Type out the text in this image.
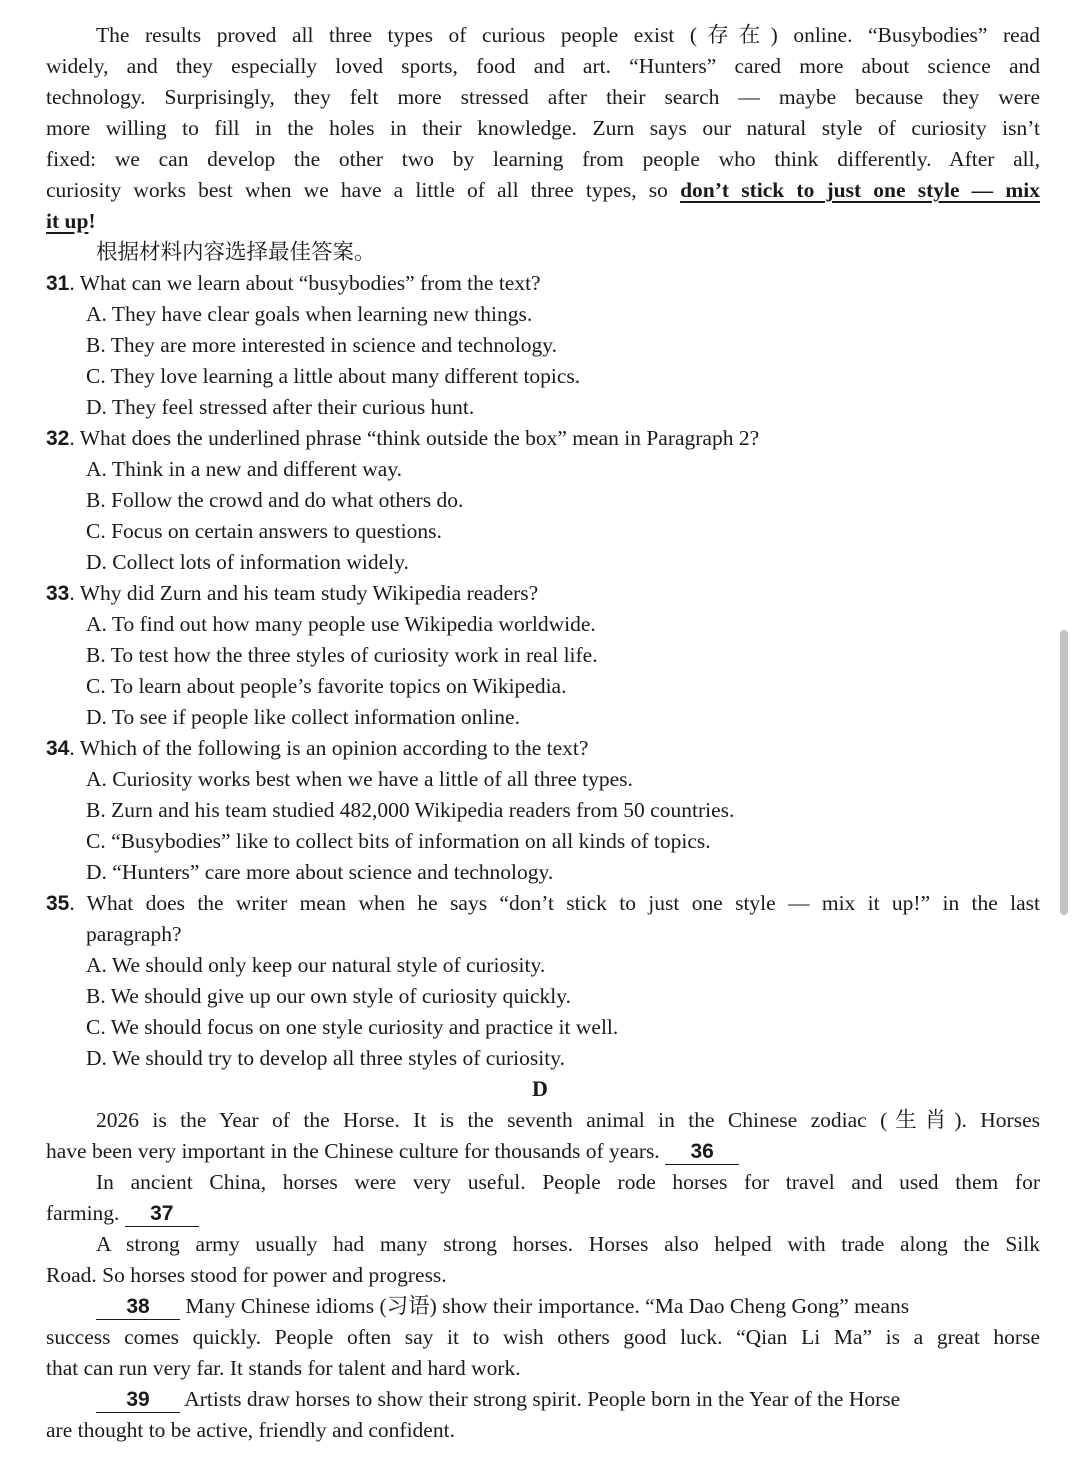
The results proved all three types of curious people exist (存在) online. “Busybodies” read
widely, and they especially loved sports, food and art. “Hunters” cared more about science and
technology. Surprisingly, they felt more stressed after their search — maybe because they were
more willing to fill in the holes in their knowledge. Zurn says our natural style of curiosity isn’t
fixed: we can develop the other two by learning from people who think differently. After all,
curiosity works best when we have a little of all three types, so don’t stick to just one style — mix
it up!
根据材料内容选择最佳答案。
31. What can we learn about “busybodies” from the text?
A. They have clear goals when learning new things.
B. They are more interested in science and technology.
C. They love learning a little about many different topics.
D. They feel stressed after their curious hunt.
32. What does the underlined phrase “think outside the box” mean in Paragraph 2?
A. Think in a new and different way.
B. Follow the crowd and do what others do.
C. Focus on certain answers to questions.
D. Collect lots of information widely.
33. Why did Zurn and his team study Wikipedia readers?
A. To find out how many people use Wikipedia worldwide.
B. To test how the three styles of curiosity work in real life.
C. To learn about people’s favorite topics on Wikipedia.
D. To see if people like collect information online.
34. Which of the following is an opinion according to the text?
A. Curiosity works best when we have a little of all three types.
B. Zurn and his team studied 482,000 Wikipedia readers from 50 countries.
C. “Busybodies” like to collect bits of information on all kinds of topics.
D. “Hunters” care more about science and technology.
35. What does the writer mean when he says “don’t stick to just one style — mix it up!” in the last
paragraph?
A. We should only keep our natural style of curiosity.
B. We should give up our own style of curiosity quickly.
C. We should focus on one style curiosity and practice it well.
D. We should try to develop all three styles of curiosity.
D
2026 is the Year of the Horse. It is the seventh animal in the Chinese zodiac (生肖). Horses
have been very important in the Chinese culture for thousands of years. 36
In ancient China, horses were very useful. People rode horses for travel and used them for
farming. 37
A strong army usually had many strong horses. Horses also helped with trade along the Silk
Road. So horses stood for power and progress.
38 Many Chinese idioms (习语) show their importance. “Ma Dao Cheng Gong” means
success comes quickly. People often say it to wish others good luck. “Qian Li Ma” is a great horse
that can run very far. It stands for talent and hard work.
39 Artists draw horses to show their strong spirit. People born in the Year of the Horse
are thought to be active, friendly and confident.
